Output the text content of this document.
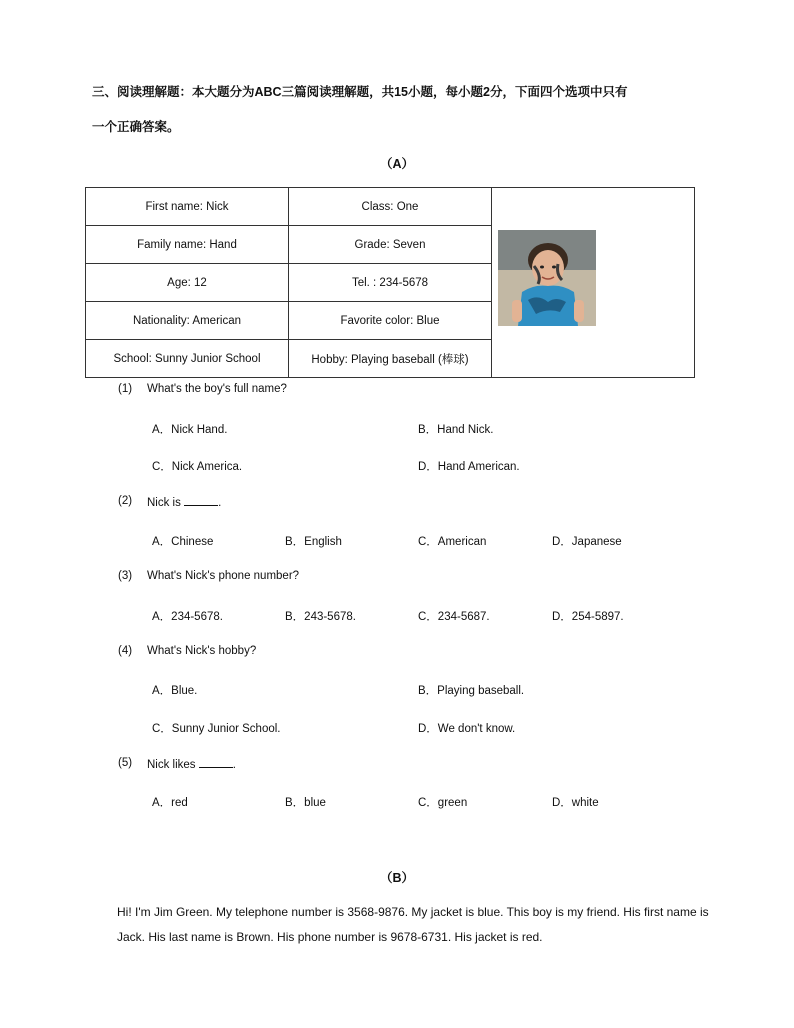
三、阅读理解题：本大题分为ABC三篇阅读理解题，共15小题，每小题2分，下面四个选项中只有
一个正确答案。
（A）
First name: Nick	Class: One	

Family name: Hand	Grade: Seven	
Age: 12	Tel. : 234-5678	
Nationality: American	Favorite color: Blue	
School: Sunny Junior School	Hobby: Playing baseball (棒球)	
(1) What's the boy's full name?
A．Nick Hand.	B．Hand Nick.
C．Nick America.	D．Hand American.
(2) Nick is	.
A．Chinese	B．English	C．American	D．Japanese
(3) What's Nick's phone number?
A．234-5678.	B．243-5678.	C．234-5687.	D．254-5897.
(4) What's Nick's hobby?
A．Blue.	B．Playing baseball.
C．Sunny Junior School.	D．We don't know.
(5) Nick likes	.
A．red	B．blue	C．green	D．white
（B）
Hi! I'm Jim Green. My telephone number is 3568-9876. My jacket is blue. This boy is my friend. His first name is Jack. His last name is Brown. His phone number is 9678-6731. His jacket is red.
